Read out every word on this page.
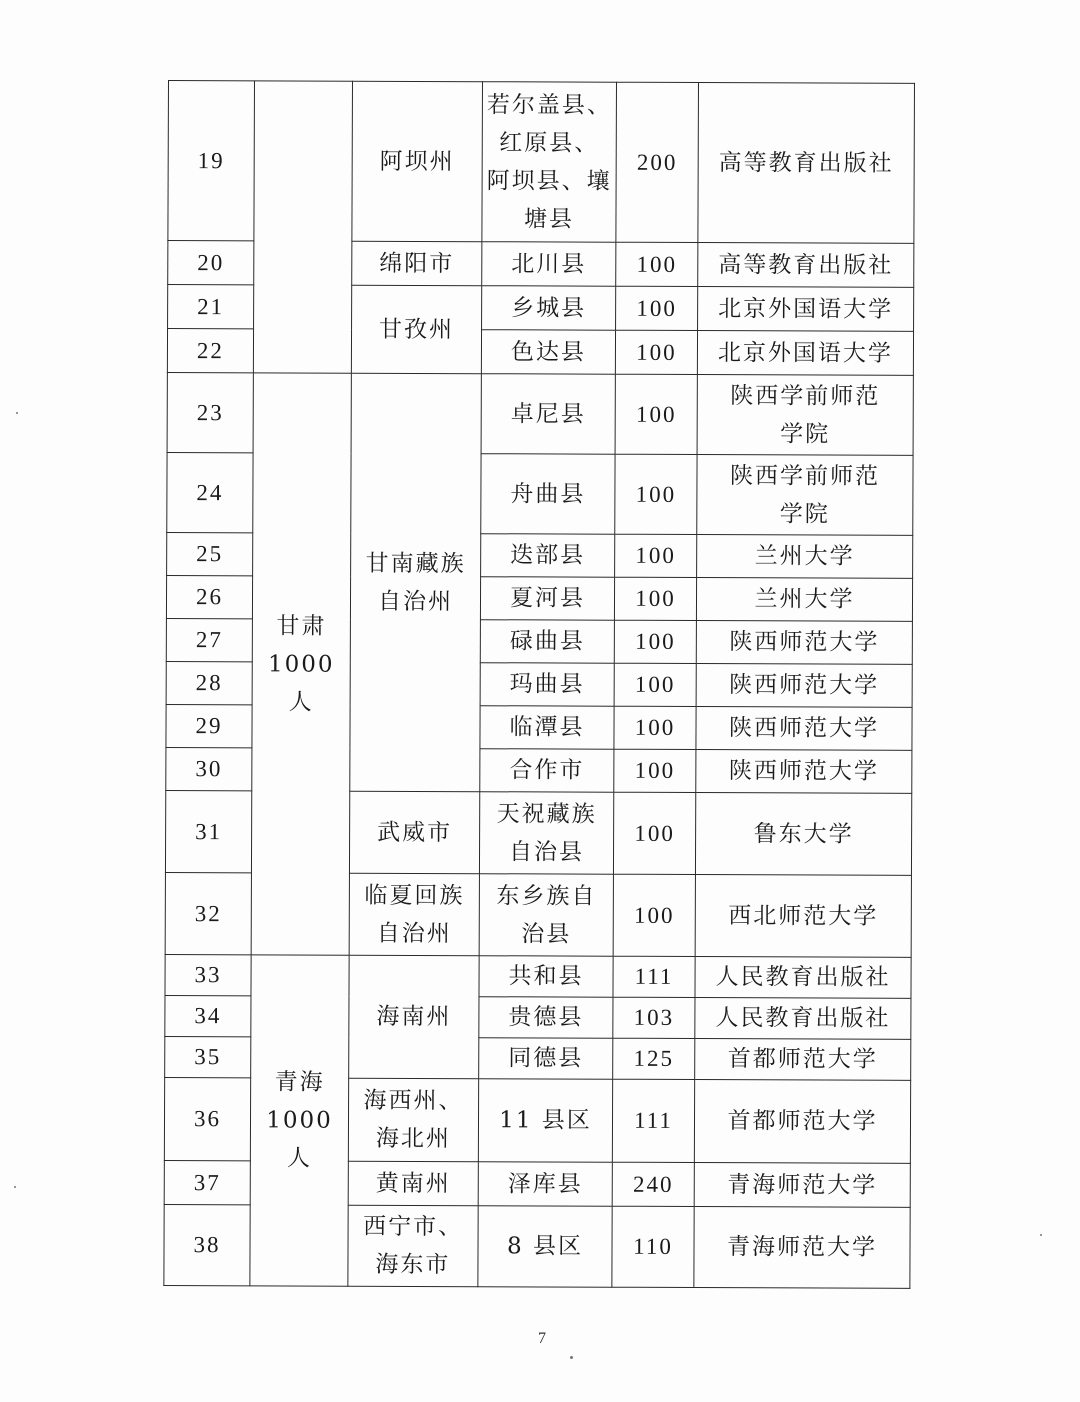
19		阿坝州	若尔盖县、
红原县、
阿坝县、壤
塘县	200	高等教育出版社
20		绵阳市	北川县	100	高等教育出版社
21		甘孜州	乡城县	100	北京外国语大学
22			色达县	100	北京外国语大学
23	甘肃
1000 人	甘南藏族
自治州	卓尼县	100	陕西学前师范
学院
24			舟曲县	100	陕西学前师范
学院
25			迭部县	100	兰州大学
26			夏河县	100	兰州大学
27			碌曲县	100	陕西师范大学
28			玛曲县	100	陕西师范大学
29			临潭县	100	陕西师范大学
30			合作市	100	陕西师范大学
31		武威市	天祝藏族
自治县	100	鲁东大学
32		临夏回族
自治州	东乡族自
治县	100	西北师范大学
33	青海
1000 人	海南州	共和县	111	人民教育出版社
34			贵德县	103	人民教育出版社
35			同德县	125	首都师范大学
36		海西州、
海北州	11 县区	111	首都师范大学
37		黄南州	泽库县	240	青海师范大学
38		西宁市、
海东市	8 县区	110	青海师范大学
7
